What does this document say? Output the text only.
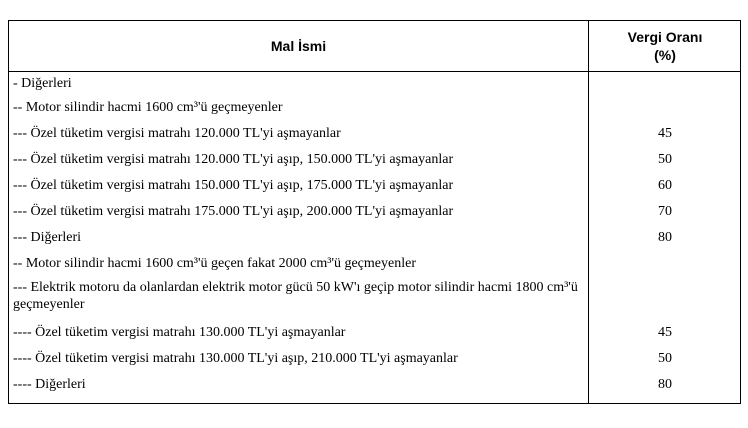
Mal İsmi
Vergi Oranı
(%)
- Diğerleri
-- Motor silindir hacmi 1600 cm³'ü geçmeyenler
--- Özel tüketim vergisi matrahı 120.000 TL'yi aşmayanlar	45
--- Özel tüketim vergisi matrahı 120.000 TL'yi aşıp, 150.000 TL'yi aşmayanlar	50
--- Özel tüketim vergisi matrahı 150.000 TL'yi aşıp, 175.000 TL'yi aşmayanlar	60
--- Özel tüketim vergisi matrahı 175.000 TL'yi aşıp, 200.000 TL'yi aşmayanlar	70
--- Diğerleri	80
-- Motor silindir hacmi 1600 cm³'ü geçen fakat 2000 cm³'ü geçmeyenler
--- Elektrik motoru da olanlardan elektrik motor gücü 50 kW'ı geçip motor silindir hacmi 1800 cm³'ü geçmeyenler
---- Özel tüketim vergisi matrahı 130.000 TL'yi aşmayanlar	45
---- Özel tüketim vergisi matrahı 130.000 TL'yi aşıp, 210.000 TL'yi aşmayanlar	50
---- Diğerleri	80
